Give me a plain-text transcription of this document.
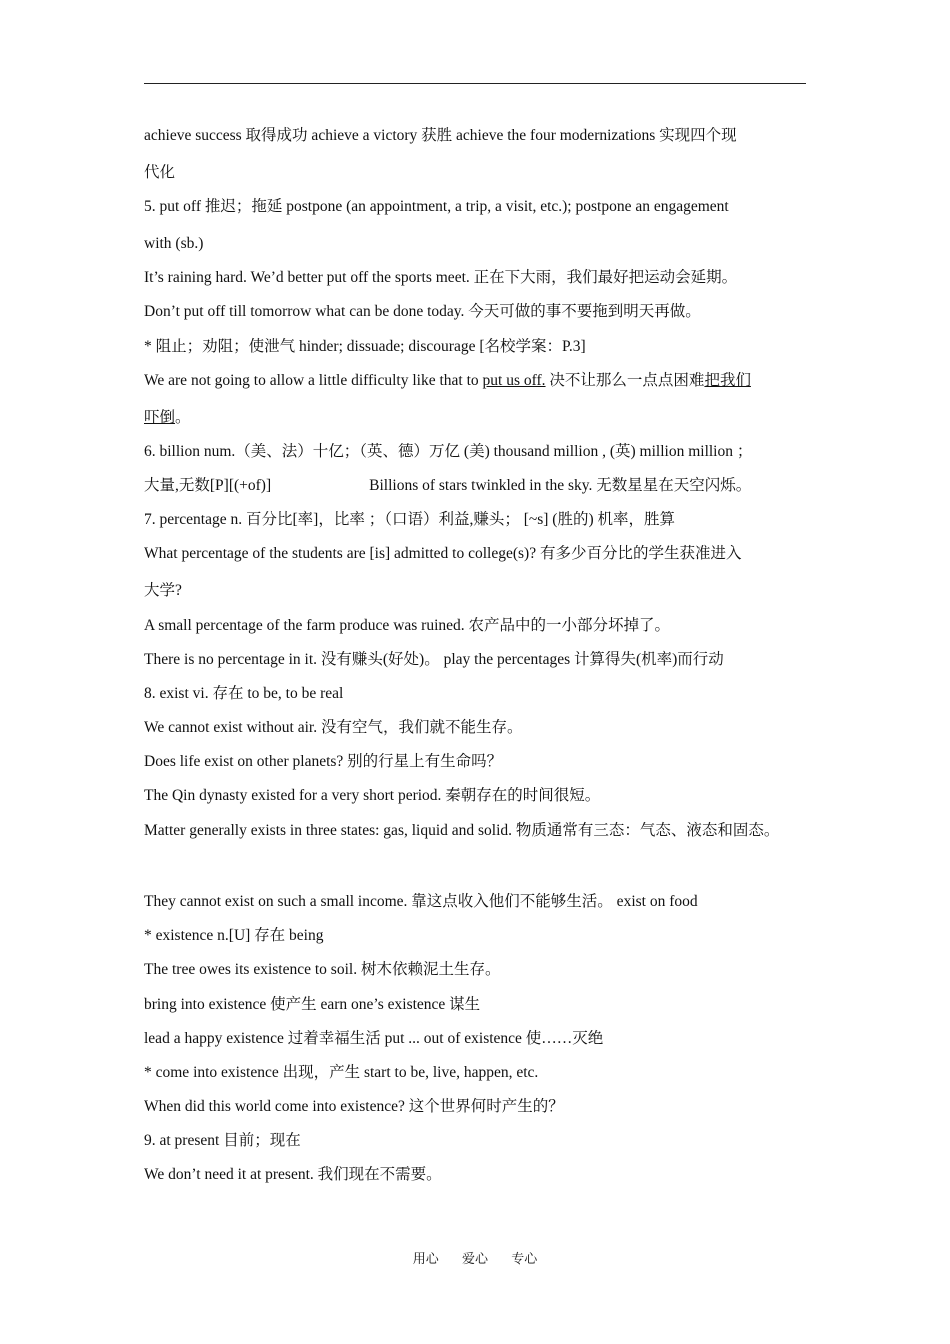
achieve success 取得成功 achieve a victory 获胜 achieve the four modernizations 实现四个现
代化
5. put off 推迟；拖延 postpone (an appointment, a trip, a visit, etc.); postpone an engagement
with (sb.)
It’s raining hard. We’d better put off the sports meet. 正在下大雨，我们最好把运动会延期。
Don’t put off till tomorrow what can be done today. 今天可做的事不要拖到明天再做。
* 阻止；劝阻；使泄气 hinder; dissuade; discourage [名校学案：P.3]
We are not going to allow a little difficulty like that to put us off. 决不让那么一点点困难把我们
吓倒。
6. billion num.（美、法）十亿；（英、德）万亿 (美) thousand million , (英) million million ；
大量,无数[P][(+of)]	Billions of stars twinkled in the sky. 无数星星在天空闪烁。
7. percentage n. 百分比[率]，比率 ；（口语）利益,赚头； [~s] (胜的) 机率，胜算
What percentage of the students are [is] admitted to college(s)? 有多少百分比的学生获准进入
大学?
A small percentage of the farm produce was ruined. 农产品中的一小部分坏掉了。
There is no percentage in it. 没有赚头(好处)。 play the percentages 计算得失(机率)而行动
8. exist vi. 存在 to be, to be real
We cannot exist without air. 没有空气，我们就不能生存。
Does life exist on other planets? 别的行星上有生命吗？
The Qin dynasty existed for a very short period. 秦朝存在的时间很短。
Matter generally exists in three states: gas, liquid and solid. 物质通常有三态：气态、液态和固态。
They cannot exist on such a small income. 靠这点收入他们不能够生活。 exist on food
* existence n.[U] 存在 being
The tree owes its existence to soil. 树木依赖泥土生存。
bring into existence 使产生 earn one’s existence 谋生
lead a happy existence 过着幸福生活 put ... out of existence 使……灭绝
* come into existence 出现，产生 start to be, live, happen, etc.
When did this world come into existence? 这个世界何时产生的？
9. at present 目前；现在
We don’t need it at present. 我们现在不需要。
用心 爱心 专心
